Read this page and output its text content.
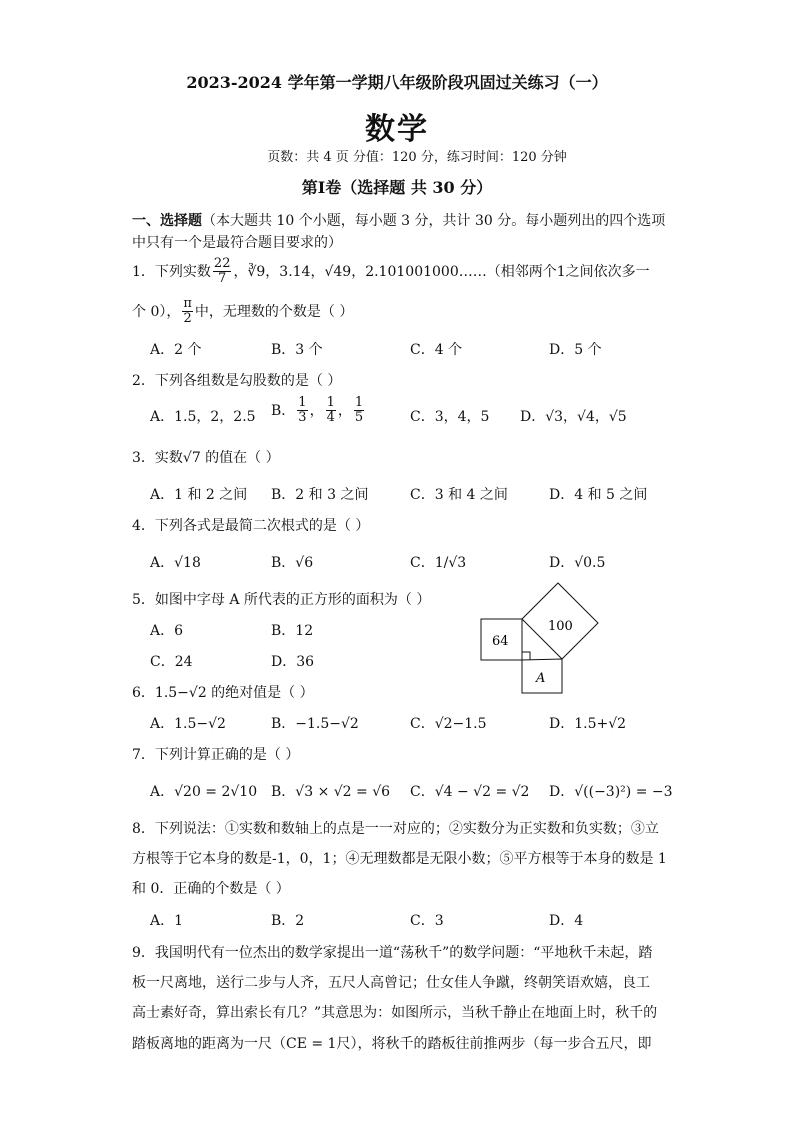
2023-2024 学年第一学期八年级阶段巩固过关练习（一）
数学
页数：共 4 页 分值：120 分，练习时间：120 分钟
第Ⅰ卷（选择题 共 30 分）
一、选择题（本大题共 10 个小题，每小题 3 分，共计 30 分。每小题列出的四个选项
中只有一个是最符合题目要求的）
1．下列实数 $\frac{22}{7}$ ，∛9，3.14，√49，2.101001000……（相邻两个1之间依次多一
个 0）， $\frac{\pi}{2}$ 中，无理数的个数是（ ）
A．2 个	B．3 个	C．4 个	D．5 个
2．下列各组数是勾股数的是（ ）
A．1.5，2，2.5 B． $\frac{1}{3}$ ， $\frac{1}{4}$ ， $\frac{1}{5}$	C．3，4，5 D．√3，√4，√5
3．实数√7 的值在（ ）
A．1 和 2 之间 B．2 和 3 之间	C．3 和 4 之间	D．4 和 5 之间
4．下列各式是最简二次根式的是（ ）
A．√18	B．√6	C．1/√3	D．√0.5
5．如图中字母 A 所代表的正方形的面积为（ ）
A．6	B．12
C．24	D．36
64
100
A
6．1.5−√2 的绝对值是（ ）
A．1.5−√2	B．−1.5−√2	C．√2−1.5	D．1.5+√2
7．下列计算正确的是（ ）
A．√20 = 2√10 B．√3 × √2 = √6 C．√4 − √2 = √2 D．√((−3)²) = −3
8．下列说法：①实数和数轴上的点是一一对应的；②实数分为正实数和负实数；③立
方根等于它本身的数是-1，0，1；④无理数都是无限小数；⑤平方根等于本身的数是 1
和 0．正确的个数是（ ）
A．1	B．2	C．3	D．4
9．我国明代有一位杰出的数学家提出一道“荡秋千”的数学问题：“平地秋千未起，踏
板一尺离地，送行二步与人齐，五尺人高曾记；仕女佳人争蹴，终朝笑语欢嬉，良工
高士素好奇，算出索长有几？”其意思为：如图所示，当秋千静止在地面上时，秋千的
踏板离地的距离为一尺（CE = 1尺），将秋千的踏板往前推两步（每一步合五尺，即
